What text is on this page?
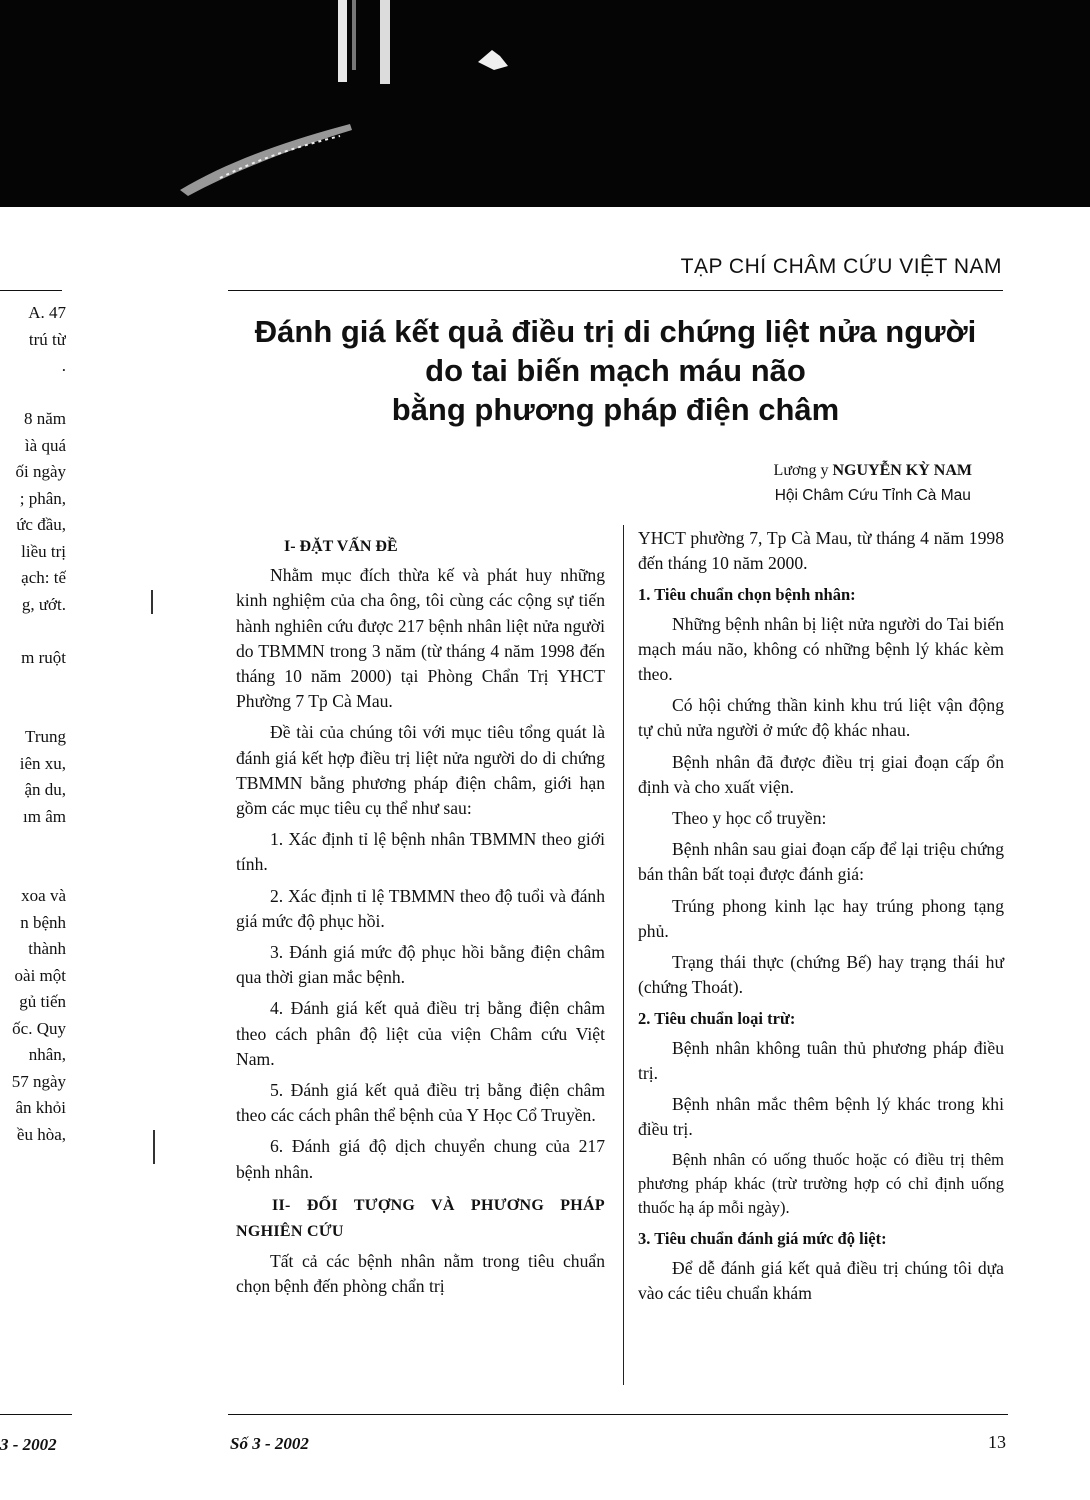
A. 47
trú từ
.

8 năm
ìà quá
ối ngày
; phân,
ức đầu,
liều trị
ạch: tế
g, ướt.

m ruột

Trung
iên xu,
ận du,
ım âm

xoa và
n bệnh
thành
oài một
gủ tiến
ốc. Quy
nhân,
57 ngày
ân khỏi
ều hòa,
3 - 2002
TẠP CHÍ CHÂM CỨU VIỆT NAM
Đánh giá kết quả điều trị di chứng liệt nửa người
do tai biến mạch máu não
bằng phương pháp điện châm
Lương y NGUYỄN KỲ NAM
Hội Châm Cứu Tỉnh Cà Mau
I- ĐẶT VẤN ĐỀ

Nhằm mục đích thừa kế và phát huy những kinh nghiệm của cha ông, tôi cùng các cộng sự tiến hành nghiên cứu được 217 bệnh nhân liệt nửa người do TBMMN trong 3 năm (từ tháng 4 năm 1998 đến tháng 10 năm 2000) tại Phòng Chẩn Trị YHCT Phường 7 Tp Cà Mau.

Đề tài của chúng tôi với mục tiêu tổng quát là đánh giá kết hợp điều trị liệt nửa người do di chứng TBMMN bằng phương pháp điện châm, giới hạn gồm các mục tiêu cụ thể như sau:

1. Xác định tỉ lệ bệnh nhân TBMMN theo giới tính.

2. Xác định tỉ lệ TBMMN theo độ tuổi và đánh giá mức độ phục hồi.

3. Đánh giá mức độ phục hồi bằng điện châm qua thời gian mắc bệnh.

4. Đánh giá kết quả điều trị bằng điện châm theo cách phân độ liệt của viện Châm cứu Việt Nam.

5. Đánh giá kết quả điều trị bằng điện châm theo các cách phân thể bệnh của Y Học Cổ Truyền.

6. Đánh giá độ dịch chuyển chung của 217 bệnh nhân.

II- ĐỐI TƯỢNG VÀ PHƯƠNG PHÁP NGHIÊN CỨU

Tất cả các bệnh nhân nằm trong tiêu chuẩn chọn bệnh đến phòng chẩn trị

YHCT phường 7, Tp Cà Mau, từ tháng 4 năm 1998 đến tháng 10 năm 2000.

1. Tiêu chuẩn chọn bệnh nhân:

Những bệnh nhân bị liệt nửa người do Tai biến mạch máu não, không có những bệnh lý khác kèm theo.

Có hội chứng thần kinh khu trú liệt vận động tự chủ nửa người ở mức độ khác nhau.

Bệnh nhân đã được điều trị giai đoạn cấp ổn định và cho xuất viện.

Theo y học cổ truyền:

Bệnh nhân sau giai đoạn cấp để lại triệu chứng bán thân bất toại được đánh giá:

Trúng phong kinh lạc hay trúng phong tạng phủ.

Trạng thái thực (chứng Bế) hay trạng thái hư (chứng Thoát).

2. Tiêu chuẩn loại trừ:

Bệnh nhân không tuân thủ phương pháp điều trị.

Bệnh nhân mắc thêm bệnh lý khác trong khi điều trị.

Bệnh nhân có uống thuốc hoặc có điều trị thêm phương pháp khác (trừ trường hợp có chỉ định uống thuốc hạ áp mỗi ngày).

3. Tiêu chuẩn đánh giá mức độ liệt:

Để dễ đánh giá kết quả điều trị chúng tôi dựa vào các tiêu chuẩn khám

Số 3 - 2002	13
